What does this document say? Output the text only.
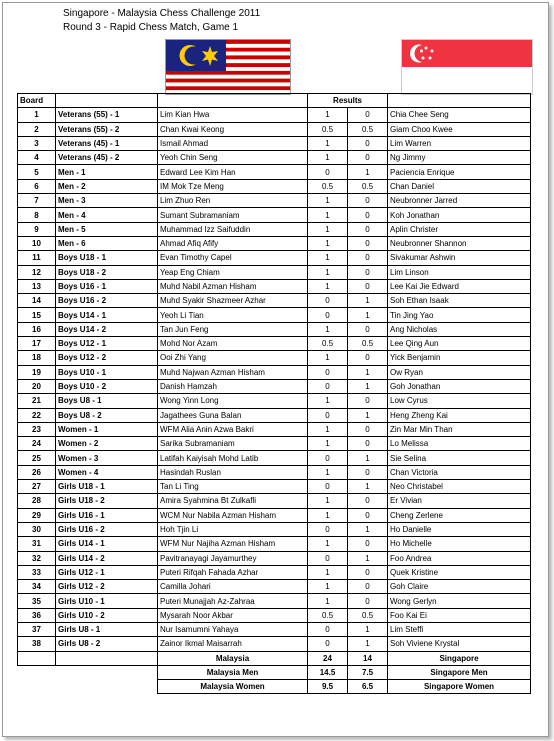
Singapore - Malaysia Chess Challenge 2011
Round 3 - Rapid Chess Match, Game 1
Board			Results		
1	Veterans (55) - 1	Lim Kian Hwa	1	0	Chia Chee Seng
2	Veterans (55) - 2	Chan Kwai Keong	0.5	0.5	Giam Choo Kwee
3	Veterans (45) - 1	Ismail Ahmad	1	0	Lim Warren
4	Veterans (45) - 2	Yeoh Chin Seng	1	0	Ng Jimmy
5	Men - 1	Edward Lee Kim Han	0	1	Paciencia Enrique
6	Men - 2	IM Mok Tze Meng	0.5	0.5	Chan Daniel
7	Men - 3	Lim Zhuo Ren	1	0	Neubronner Jarred
8	Men - 4	Sumant Subramaniam	1	0	Koh Jonathan
9	Men - 5	Muhammad Izz Saifuddin	1	0	Aplin Christer
10	Men - 6	Ahmad Afiq Afify	1	0	Neubronner Shannon
11	Boys U18 - 1	Evan Timothy Capel	1	0	Sivakumar Ashwin
12	Boys U18 - 2	Yeap Eng Chiam	1	0	Lim Linson
13	Boys U16 - 1	Muhd Nabil Azman Hisham	1	0	Lee Kai Jie Edward
14	Boys U16 - 2	Muhd Syakir Shazmeer Azhar	0	1	Soh Ethan Isaak
15	Boys U14 - 1	Yeoh Li Tian	0	1	Tin Jing Yao
16	Boys U14 - 2	Tan Jun Feng	1	0	Ang Nicholas
17	Boys U12 - 1	Mohd Nor Azam	0.5	0.5	Lee Qing Aun
18	Boys U12 - 2	Ooi Zhi Yang	1	0	Yick Benjamin
19	Boys U10 - 1	Muhd Najwan Azman Hisham	0	1	Ow Ryan
20	Boys U10 - 2	Danish Hamzah	0	1	Goh Jonathan
21	Boys U8 - 1	Wong Yinn Long	1	0	Low Cyrus
22	Boys U8 - 2	Jagathees Guna Balan	0	1	Heng Zheng Kai
23	Women - 1	WFM Alia Anin Azwa Bakri	1	0	Zin Mar Min Than
24	Women - 2	Sarika Subramaniam	1	0	Lo Melissa
25	Women - 3	Latifah Kaiyisah Mohd Latib	0	1	Sie Selina
26	Women - 4	Hasindah Ruslan	1	0	Chan Victoria
27	Girls U18 - 1	Tan Li Ting	0	1	Neo Christabel
28	Girls U18 - 2	Amira Syahmina Bt Zulkafli	1	0	Er Vivian
29	Girls U16 - 1	WCM Nur Nabila Azman Hisham	1	0	Cheng Zerlene
30	Girls U16 - 2	Hoh Tjin Li	0	1	Ho Danielle
31	Girls U14 - 1	WFM Nur Najiha Azman Hisham	1	0	Ho Michelle
32	Girls U14 - 2	Pavitranayagi Jayamurthey	0	1	Foo Andrea
33	Girls U12 - 1	Puteri Rifqah Fahada Azhar	1	0	Quek Kristine
34	Girls U12 - 2	Camilla Johari	1	0	Goh Claire
35	Girls U10 - 1	Puteri Munajjah Az-Zahraa	1	0	Wong Gerlyn
36	Girls U10 - 2	Mysarah Noor Akbar	0.5	0.5	Foo Kai Ei
37	Girls U8 - 1	Nur Isamumni Yahaya	0	1	Lim Steffi
38	Girls U8 - 2	Zainor Ikmal Maisarrah	0	1	Soh Viviene Krystal
		Malaysia	24	14	Singapore
		Malaysia Men	14.5	7.5	Singapore Men
		Malaysia Women	9.5	6.5	Singapore Women
